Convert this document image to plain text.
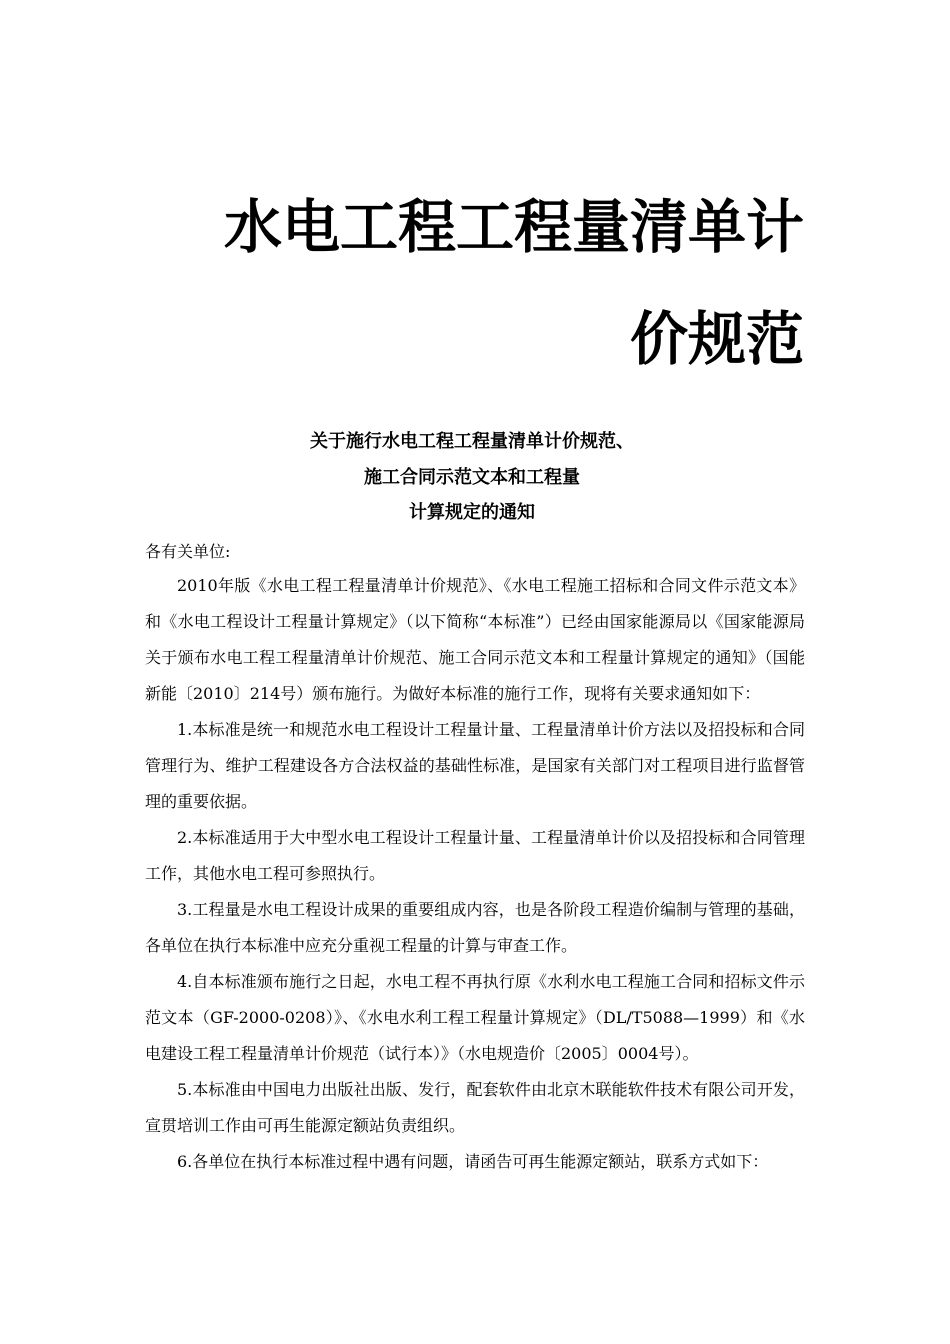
水电工程工程量清单计
价规范
关于施行水电工程工程量清单计价规范、
施工合同示范文本和工程量
计算规定的通知

各有关单位:

2010年版《水电工程工程量清单计价规范》、《水电工程施工招标和合同文件示范文本》和《水电工程设计工程量计算规定》（以下简称“本标准”）已经由国家能源局以《国家能源局关于颁布水电工程工程量清单计价规范、施工合同示范文本和工程量计算规定的通知》（国能新能〔2010〕214号）颁布施行。为做好本标准的施行工作，现将有关要求通知如下：

1.本标准是统一和规范水电工程设计工程量计量、工程量清单计价方法以及招投标和合同管理行为、维护工程建设各方合法权益的基础性标准，是国家有关部门对工程项目进行监督管理的重要依据。

2.本标准适用于大中型水电工程设计工程量计量、工程量清单计价以及招投标和合同管理工作，其他水电工程可参照执行。

3.工程量是水电工程设计成果的重要组成内容，也是各阶段工程造价编制与管理的基础，各单位在执行本标准中应充分重视工程量的计算与审查工作。

4.自本标准颁布施行之日起，水电工程不再执行原《水利水电工程施工合同和招标文件示范文本（GF-2000-0208）》、《水电水利工程工程量计算规定》（DL/T5088—1999）和《水电建设工程工程量清单计价规范（试行本）》（水电规造价〔2005〕0004号）。

5.本标准由中国电力出版社出版、发行，配套软件由北京木联能软件技术有限公司开发，宣贯培训工作由可再生能源定额站负责组织。

6.各单位在执行本标准过程中遇有问题，请函告可再生能源定额站，联系方式如下：
